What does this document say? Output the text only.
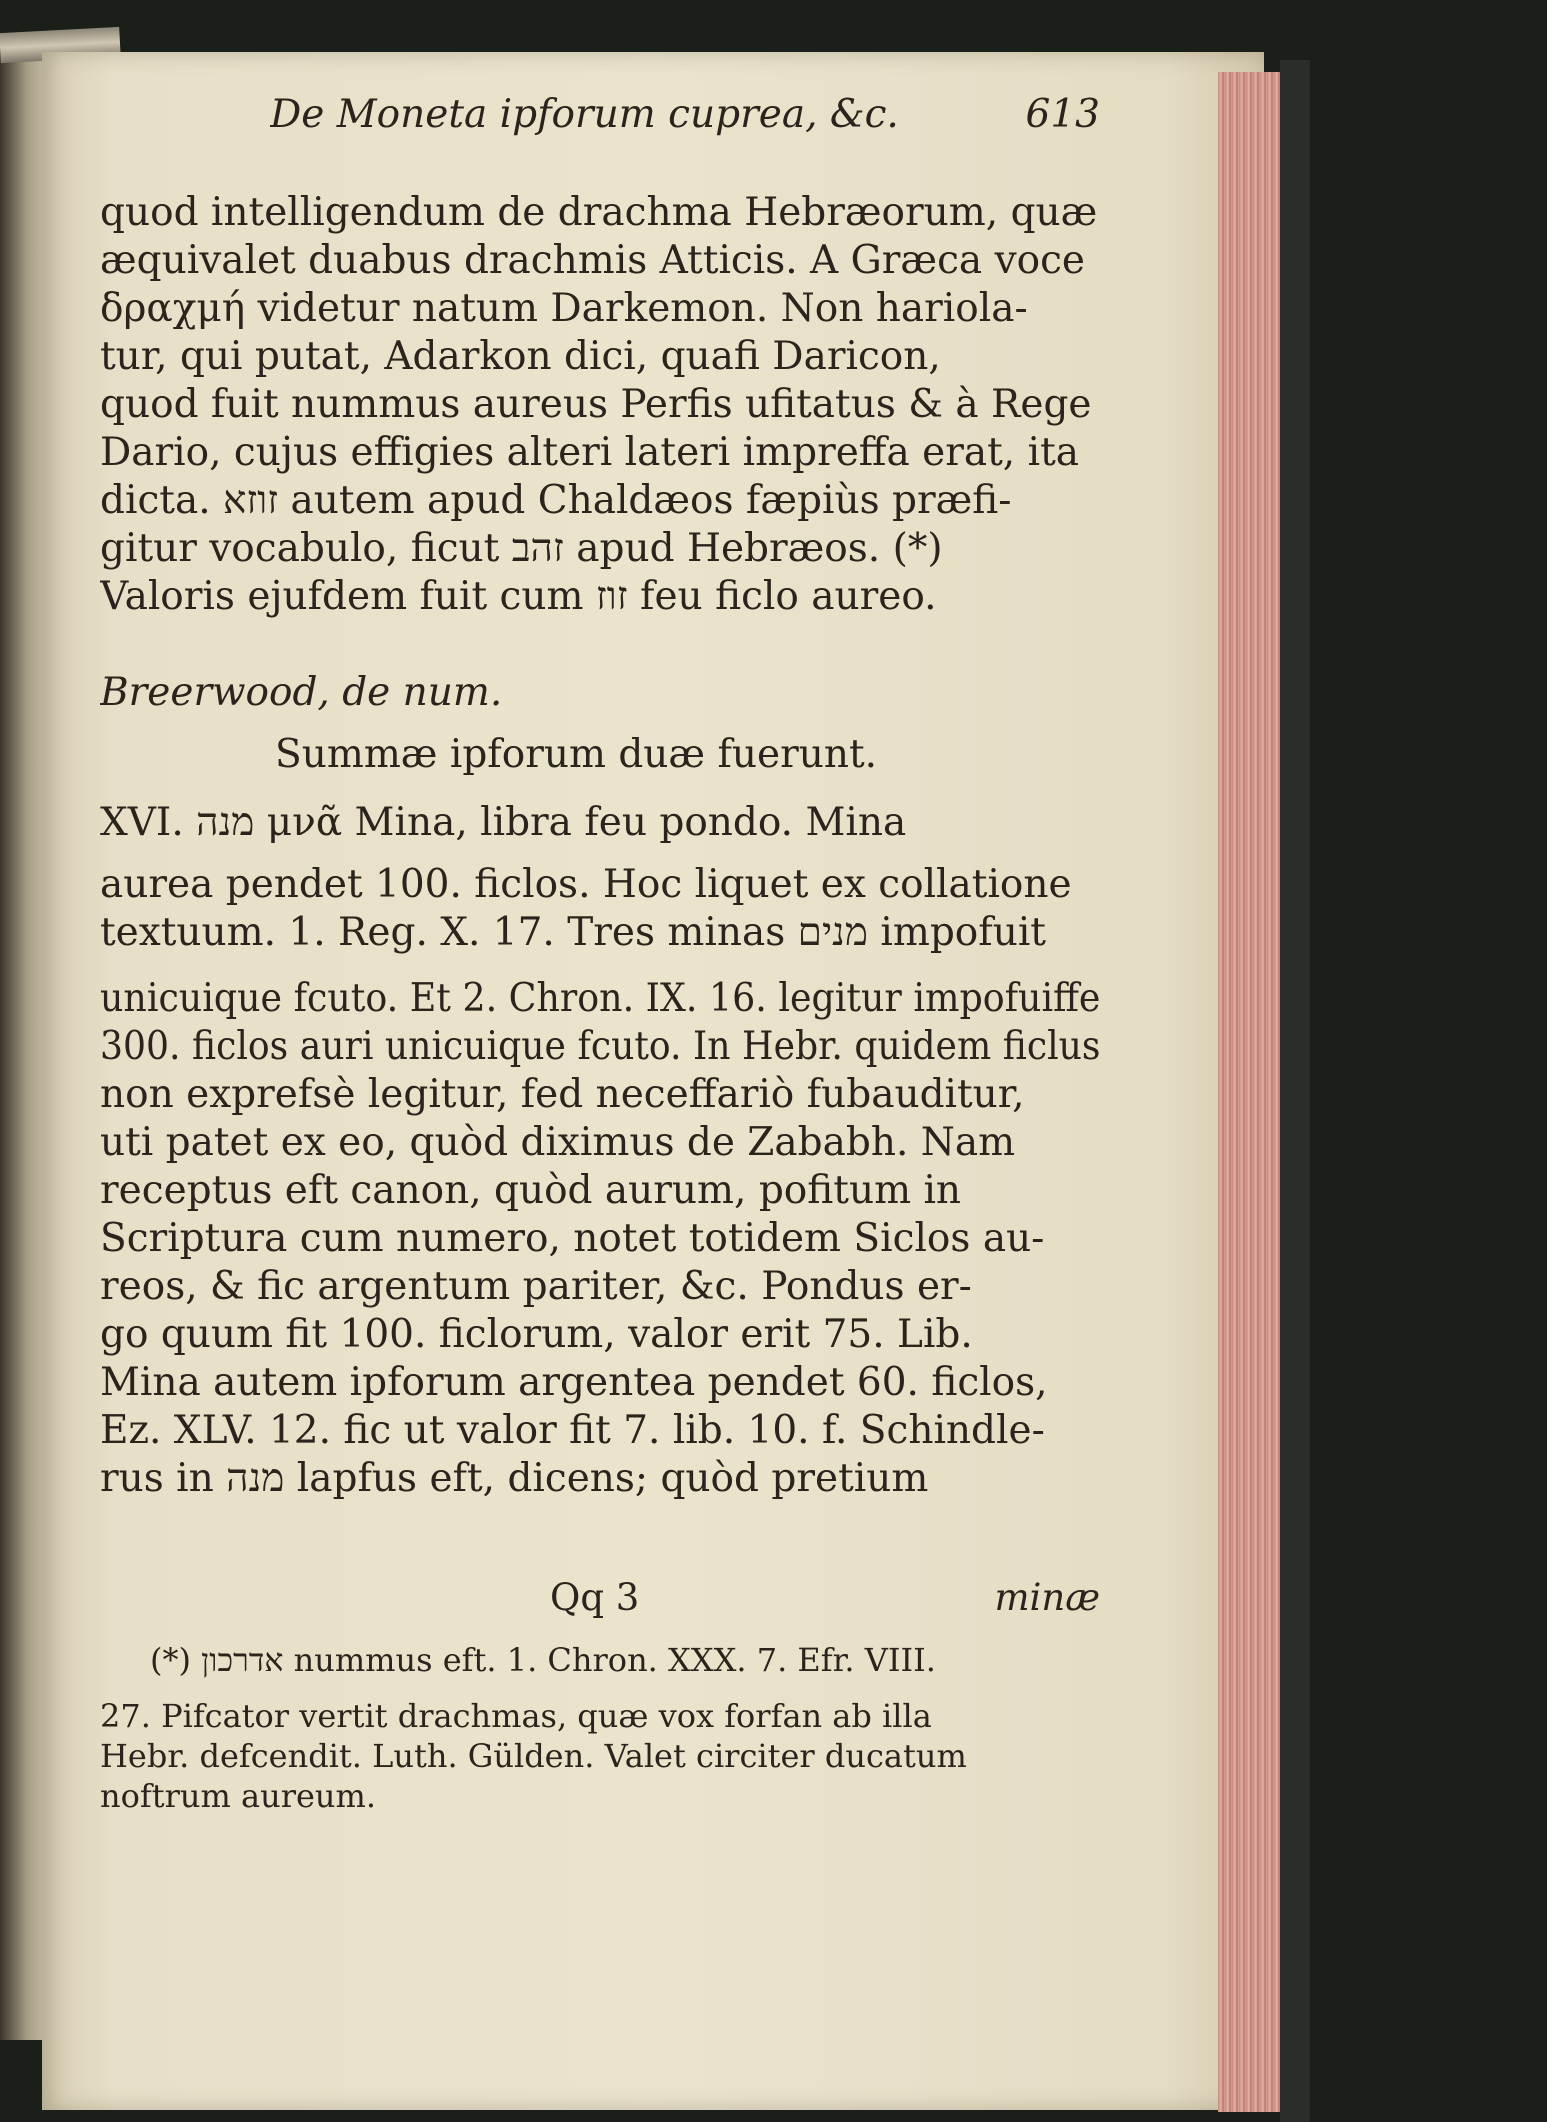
De Moneta ipforum cuprea, &c.	613
quod intelligendum de drachma Hebræorum, quæ
æquivalet duabus drachmis Atticis. A Græca voce
δραχμή videtur natum Darkemon. Non hariola-
tur, qui putat, Adarkon dici, quafi Daricon,
quod fuit nummus aureus Perfis ufitatus & à Rege
Dario, cujus effigies alteri lateri impreffa erat, ita
dicta. זוזא autem apud Chaldæos fæpiùs præfi-
gitur vocabulo, ficut זהב apud Hebræos. (*)
Valoris ejufdem fuit cum זוז feu ficlo aureo.
Breerwood, de num.
Summæ ipforum duæ fuerunt.
XVI. מנה μνᾶ Mina, libra feu pondo. Mina
aurea pendet 100. ficlos. Hoc liquet ex collatione
textuum. 1. Reg. X. 17. Tres minas מנים impofuit
unicuique fcuto. Et 2. Chron. IX. 16. legitur impofuiffe
300. ficlos auri unicuique fcuto. In Hebr. quidem ficlus
non exprefsè legitur, fed neceffariò fubauditur,
uti patet ex eo, quòd diximus de Zababh. Nam
receptus eft canon, quòd aurum, pofitum in
Scriptura cum numero, notet totidem Siclos au-
reos, & fic argentum pariter, &c. Pondus er-
go quum fit 100. ficlorum, valor erit 75. Lib.
Mina autem ipforum argentea pendet 60. ficlos,
Ez. XLV. 12. fic ut valor fit 7. lib. 10. f. Schindle-
rus in מנה lapfus eft, dicens; quòd pretium
Qq 3	minæ
(*) אדרכון nummus eft. 1. Chron. XXX. 7. Efr. VIII.
27. Pifcator vertit drachmas, quæ vox forfan ab illa
Hebr. defcendit. Luth. Gülden. Valet circiter ducatum
noftrum aureum.
